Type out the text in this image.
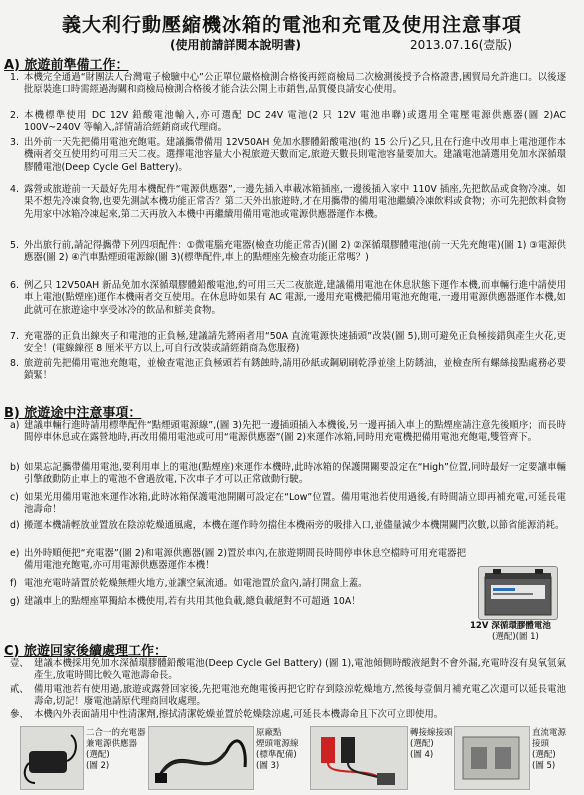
義大利行動壓縮機冰箱的電池和充電及使用注意事項
(使用前請詳閱本說明書)	2013.07.16(壹版)
A) 旅遊前準備工作：
1. 本機完全通過“財團法人台灣電子檢驗中心”公正單位嚴格檢測合格後再經商檢局二次檢測後授予合格證書,國貿局允許進口。以後逐批原裝進口時需經過海關和商檢局檢測合格後才能合法公開上市銷售,品質優良請安心使用。
2. 本機標準使用 DC 12V 鉛酸電池輸入,亦可選配 DC 24V 電池(2 只 12V 電池串聯)或選用全電壓電源供應器(圖 2)AC 100V~240V 等輸入,詳情請洽經銷商或代理商。
3. 出外前一天先把備用電池充飽電。建議攜帶備用 12V50AH 免加水膠體鉛酸電池(約 15 公斤)乙只,且在行進中改用車上電池運作本機兩者交互使用約可用三天二夜。選擇電池容量大小視旅遊天數而定,旅遊天數長則電池容量要加大。建議電池請選用免加水深循環膠體電池(Deep Cycle Gel Battery)。
4. 露營或旅遊前一天最好先用本機配件“電源供應器”,一邊先插入車載冰箱插座,一邊後插入家中 110V 插座,先把飲品或食物冷凍。如果不想先冷凍食物,也要先測試本機功能正常否？第二天外出旅遊時,才在用攜帶的備用電池繼續冷凍飲料或食物；亦可先把飲料食物先用家中冰箱冷凍起來,第二天再放入本機中再繼續用備用電池或電源供應器運作本機。
5. 外出旅行前,請記得攜帶下列四項配件：①微電腦充電器(檢查功能正常否)(圖 2) ②深循環膠體電池(前一天先充飽電)(圖 1) ③電源供應器(圖 2) ④汽車點煙頭電源線(圖 3)(標準配件,車上的點煙座先檢查功能正常嗎？)
6. 例乙只 12V50AH 新品免加水深循環膠體鉛酸電池,約可用三天二夜旅遊,建議備用電池在休息狀態下運作本機,而車輛行進中請使用車上電池(點煙座)運作本機兩者交互使用。在休息時如果有 AC 電源,一邊用充電機把備用電池充飽電,一邊用電源供應器運作本機,如此就可在旅遊途中享受冰冷的飲品和鮮美食物。
7. 充電器的正負出線夾子和電池的正負極,建議請先將兩者用“50A 直流電源快速插頭”改裝(圖 5),則可避免正負極接錯與產生火花,更安全！(電線線徑 8 厘米平方以上,可自行改裝或請經銷商為您服務)
8. 旅遊前先把備用電池充飽電，並檢查電池正負極頭若有銹蝕時,請用砂紙或鋼刷刷乾淨並塗上防銹油，並檢查所有螺絲接點處務必要鎖緊！
B) 旅遊途中注意事項：
a) 建議車輛行進時請用標準配件“點煙頭電源線”,(圖 3)先把一邊插頭插入本機後,另一邊再插入車上的點煙座請注意先後順序；而長時間停車休息或在露營地時,再改用備用電池或可用“電源供應器”(圖 2)來運作冰箱,同時用充電機把備用電池充飽電,雙管齊下。
b) 如果忘記攜帶備用電池,要利用車上的電池(點煙座)來運作本機時,此時冰箱的保護開關要設定在“High”位置,同時最好一定要讓車輛引擎啟動防止車上的電池不會過放電,下次車子才可以正常啟動行駛。
c) 如果光用備用電池來運作冰箱,此時冰箱保護電池開關可設定在“Low”位置。備用電池若使用過後,有時間請立即再補充電,可延長電池壽命！
d) 搬運本機請輕放並置放在陰涼乾燥通風處，本機在運作時勿擋住本機兩旁的吸排入口,並儘量減少本機開關門次數,以節省能源消耗。
e) 出外時順便把“充電器”(圖 2)和電源供應器(圖 2)置於車內,在旅遊期間長時間停車休息空檔時可用充電器把備用電池充飽電,亦可用電源供應器運作本機！
f) 電池充電時請置於乾燥無煙火地方,並讓空氣流通。如電池置於盒內,請打開盒上蓋。
g) 建議車上的點煙座單獨給本機使用,若有共用其他負載,總負載絕對不可超過 10A！
12V 深循環膠體電池
(選配)(圖 1)
C) 旅遊回家後續處理工作：
壹、 建議本機採用免加水深循環膠體鉛酸電池(Deep Cycle Gel Battery) (圖 1),電池傾側時酸液絕對不會外漏,充電時沒有臭氧氫氣產生,放電時間比較久電池壽命長。
貳、 備用電池若有使用過,旅遊或露營回家後,先把電池充飽電後再把它貯存到陰涼乾燥地方,然後每壹個月補充電乙次還可以延長電池壽命,切記！廢電池請原代理商回收處理。
參、 本機內外表面請用中性清潔劑,擦拭清潔乾燥並置於乾燥陰涼處,可延長本機壽命且下次可立即使用。
二合一的充電器
兼電源供應器
(選配)
(圖 2)
原廠點
煙頭電源線
(標準配備)
(圖 3)
轉接線接頭
(選配)
(圖 4)
直流電源
接頭
(選配)
(圖 5)
